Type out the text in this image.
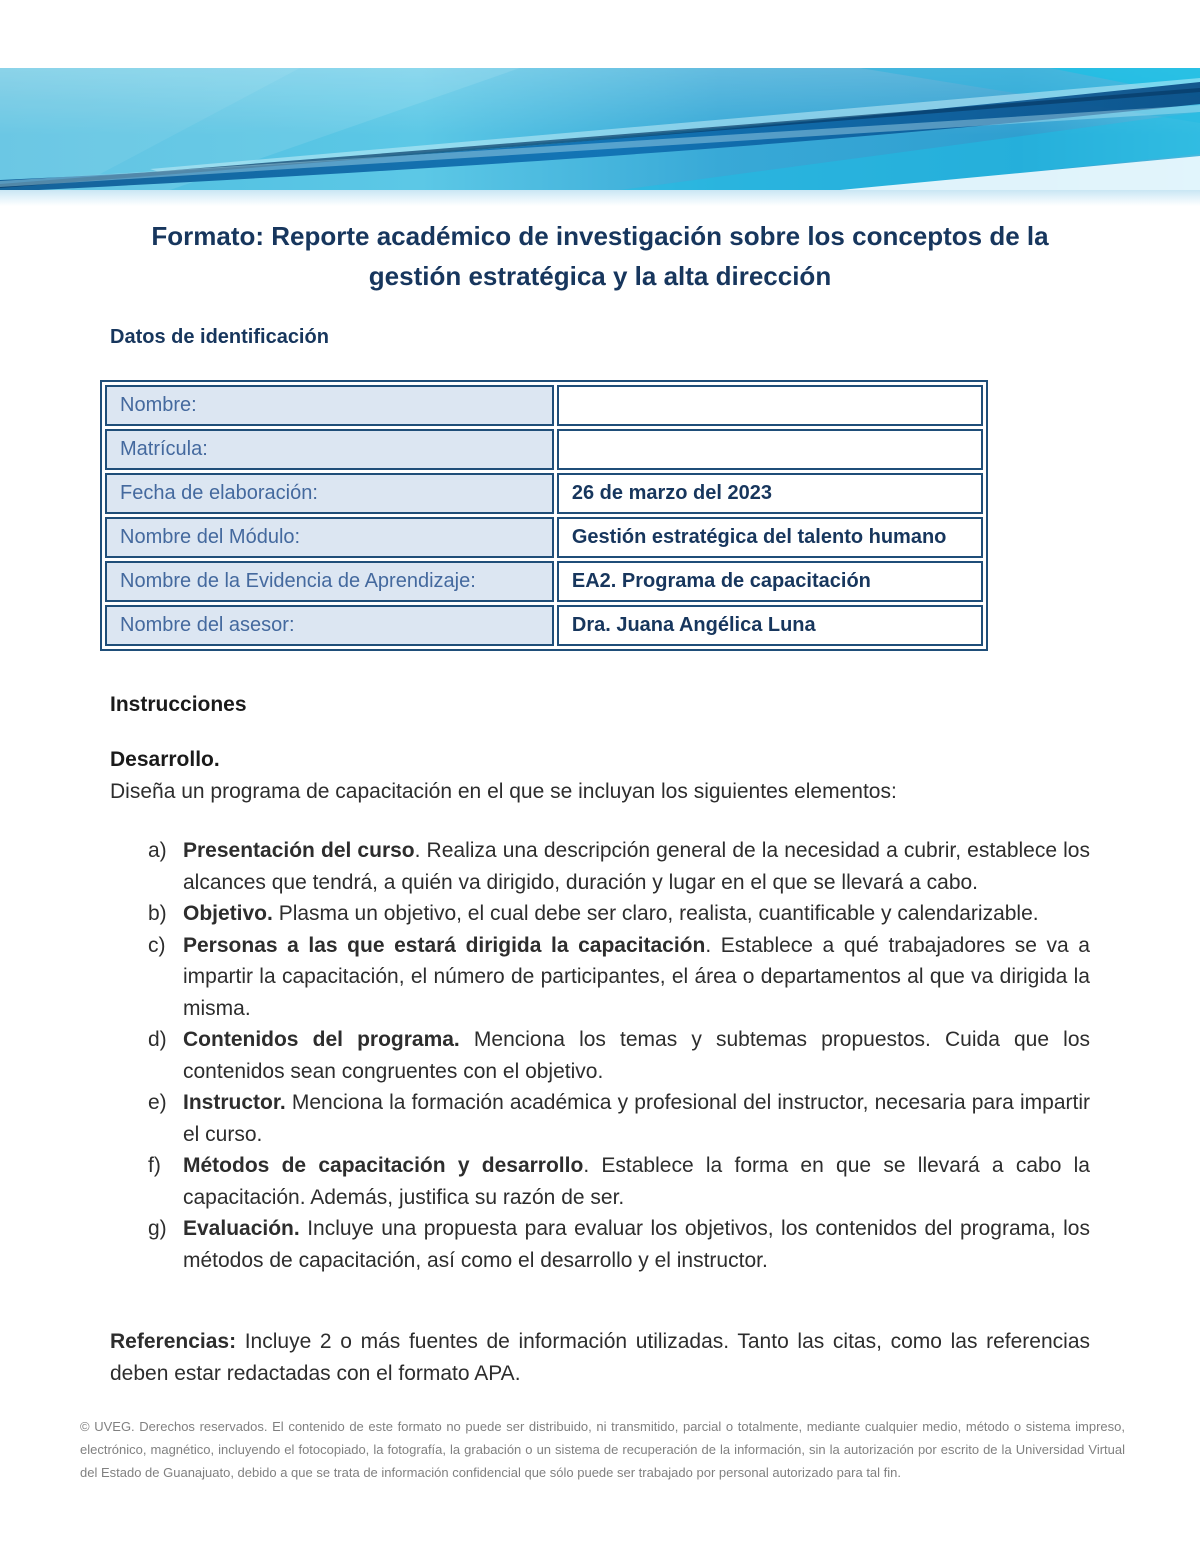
Formato: Reporte académico de investigación sobre los conceptos de la
gestión estratégica y la alta dirección
Datos de identificación
Nombre:	
Matrícula:	
Fecha de elaboración:	26 de marzo del 2023
Nombre del Módulo:	Gestión estratégica del talento humano
Nombre de la Evidencia de Aprendizaje:	EA2. Programa de capacitación
Nombre del asesor:	Dra. Juana Angélica Luna
Instrucciones
Desarrollo.

Diseña un programa de capacitación en el que se incluyan los siguientes elementos:

a) Presentación del curso. Realiza una descripción general de la necesidad a cubrir, establece los alcances que tendrá, a quién va dirigido, duración y lugar en el que se llevará a cabo.
b) Objetivo. Plasma un objetivo, el cual debe ser claro, realista, cuantificable y calendarizable.
c) Personas a las que estará dirigida la capacitación. Establece a qué trabajadores se va a impartir la capacitación, el número de participantes, el área o departamentos al que va dirigida la misma.
d) Contenidos del programa. Menciona los temas y subtemas propuestos. Cuida que los contenidos sean congruentes con el objetivo.
e) Instructor. Menciona la formación académica y profesional del instructor, necesaria para impartir el curso.
f) Métodos de capacitación y desarrollo. Establece la forma en que se llevará a cabo la capacitación. Además, justifica su razón de ser.
g) Evaluación. Incluye una propuesta para evaluar los objetivos, los contenidos del programa, los métodos de capacitación, así como el desarrollo y el instructor.

Referencias: Incluye 2 o más fuentes de información utilizadas. Tanto las citas, como las referencias deben estar redactadas con el formato APA.

© UVEG. Derechos reservados. El contenido de este formato no puede ser distribuido, ni transmitido, parcial o totalmente, mediante cualquier medio, método o sistema impreso, electrónico, magnético, incluyendo el fotocopiado, la fotografía, la grabación o un sistema de recuperación de la información, sin la autorización por escrito de la Universidad Virtual del Estado de Guanajuato, debido a que se trata de información confidencial que sólo puede ser trabajado por personal autorizado para tal fin.
